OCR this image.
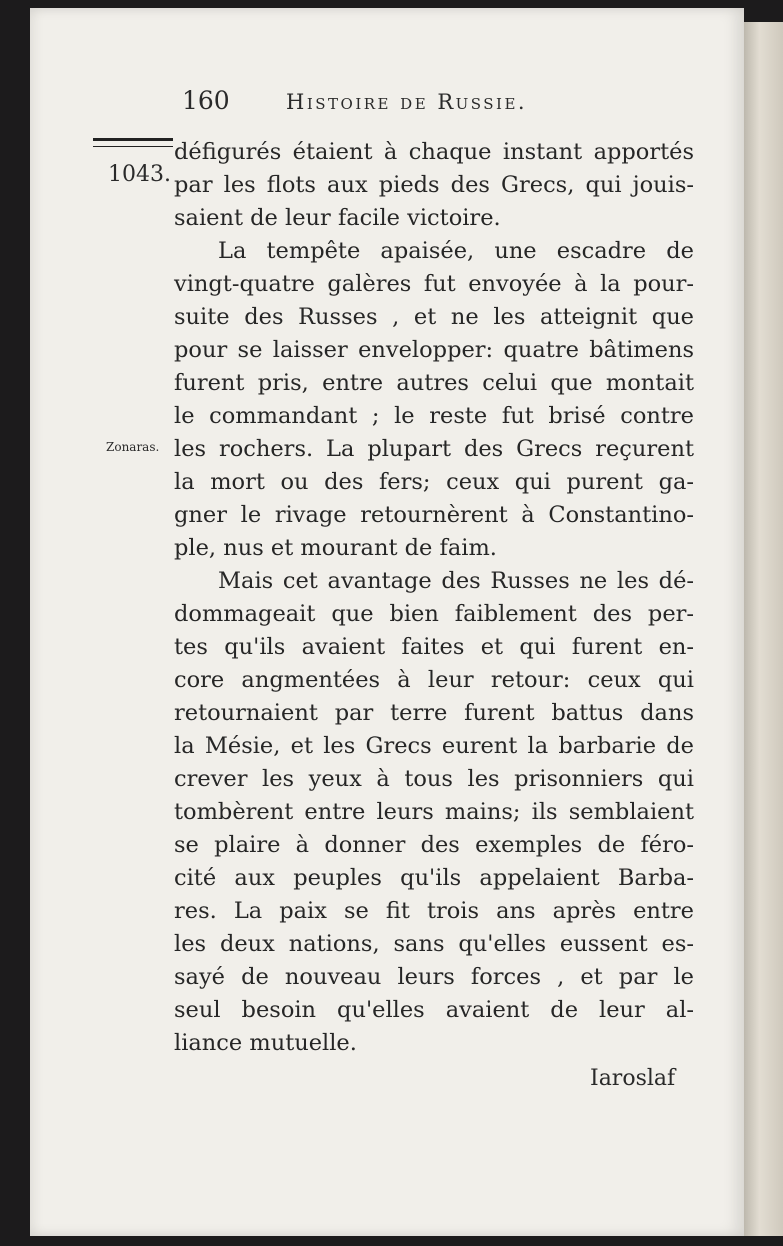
160	Histoire de Russie.
1043.
Zonaras.
défigurés étaient à chaque instant apportés
par les flots aux pieds des Grecs, qui jouis-
saient de leur facile victoire.
La tempête apaisée, une escadre de
vingt-quatre galères fut envoyée à la pour-
suite des Russes , et ne les atteignit que
pour se laisser envelopper: quatre bâtimens
furent pris, entre autres celui que montait
le commandant ; le reste fut brisé contre
les rochers. La plupart des Grecs reçurent
la mort ou des fers; ceux qui purent ga-
gner le rivage retournèrent à Constantino-
ple, nus et mourant de faim.
Mais cet avantage des Russes ne les dé-
dommageait que bien faiblement des per-
tes qu'ils avaient faites et qui furent en-
core angmentées à leur retour: ceux qui
retournaient par terre furent battus dans
la Mésie, et les Grecs eurent la barbarie de
crever les yeux à tous les prisonniers qui
tombèrent entre leurs mains; ils semblaient
se plaire à donner des exemples de féro-
cité aux peuples qu'ils appelaient Barba-
res. La paix se fit trois ans après entre
les deux nations, sans qu'elles eussent es-
sayé de nouveau leurs forces , et par le
seul besoin qu'elles avaient de leur al-
liance mutuelle.
Iaroslaf
